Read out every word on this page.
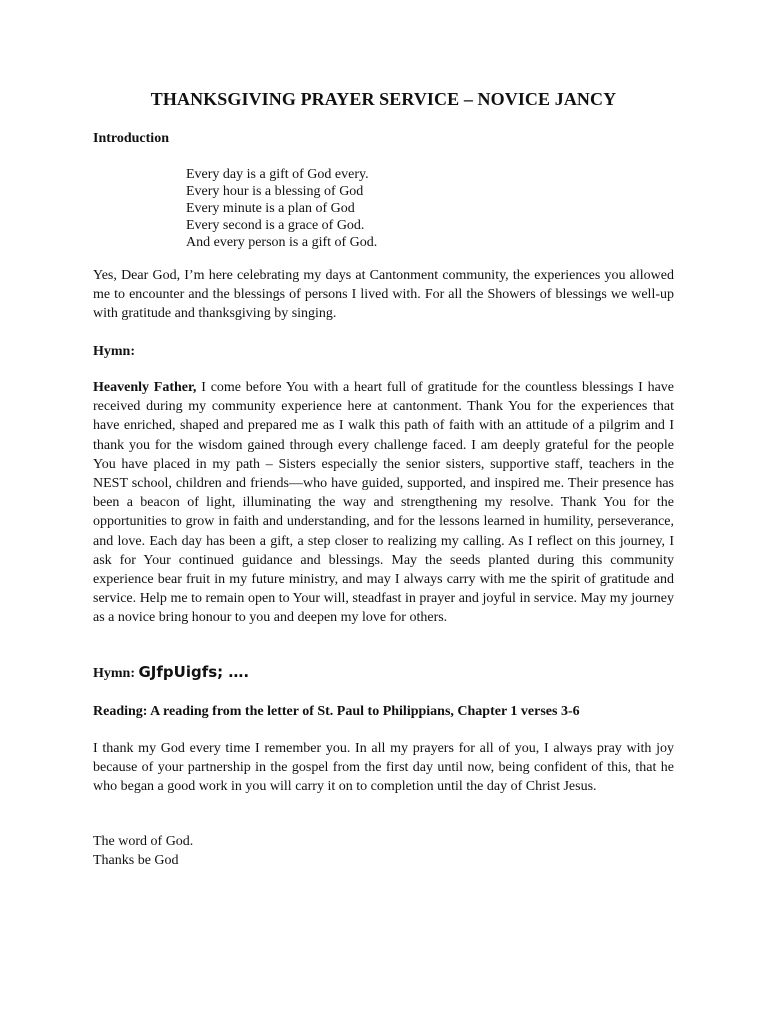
THANKSGIVING PRAYER SERVICE – NOVICE JANCY
Introduction
Every day is a gift of God every.
Every hour is a blessing of God
Every minute is a plan of God
Every second is a grace of God.
And every person is a gift of God.
Yes, Dear God, I’m here celebrating my days at Cantonment community, the experiences you allowed me to encounter and the blessings of persons I lived with. For all the Showers of blessings we well-up with gratitude and thanksgiving by singing.
Hymn:
Heavenly Father, I come before You with a heart full of gratitude for the countless blessings I have received during my community experience here at cantonment. Thank You for the experiences that have enriched, shaped and prepared me as I walk this path of faith with an attitude of a pilgrim and I thank you for the wisdom gained through every challenge faced. I am deeply grateful for the people You have placed in my path – Sisters especially the senior sisters, supportive staff, teachers in the NEST school, children and friends—who have guided, supported, and inspired me. Their presence has been a beacon of light, illuminating the way and strengthening my resolve. Thank You for the opportunities to grow in faith and understanding, and for the lessons learned in humility, perseverance, and love. Each day has been a gift, a step closer to realizing my calling. As I reflect on this journey, I ask for Your continued guidance and blessings. May the seeds planted during this community experience bear fruit in my future ministry, and may I always carry with me the spirit of gratitude and service. Help me to remain open to Your will, steadfast in prayer and joyful in service. May my journey as a novice bring honour to you and deepen my love for others.
Hymn: GJfpUigfs; ….
Reading: A reading from the letter of St. Paul to Philippians, Chapter 1 verses 3-6
I thank my God every time I remember you. In all my prayers for all of you, I always pray with joy because of your partnership in the gospel from the first day until now, being confident of this, that he who began a good work in you will carry it on to completion until the day of Christ Jesus.
The word of God.
Thanks be God
